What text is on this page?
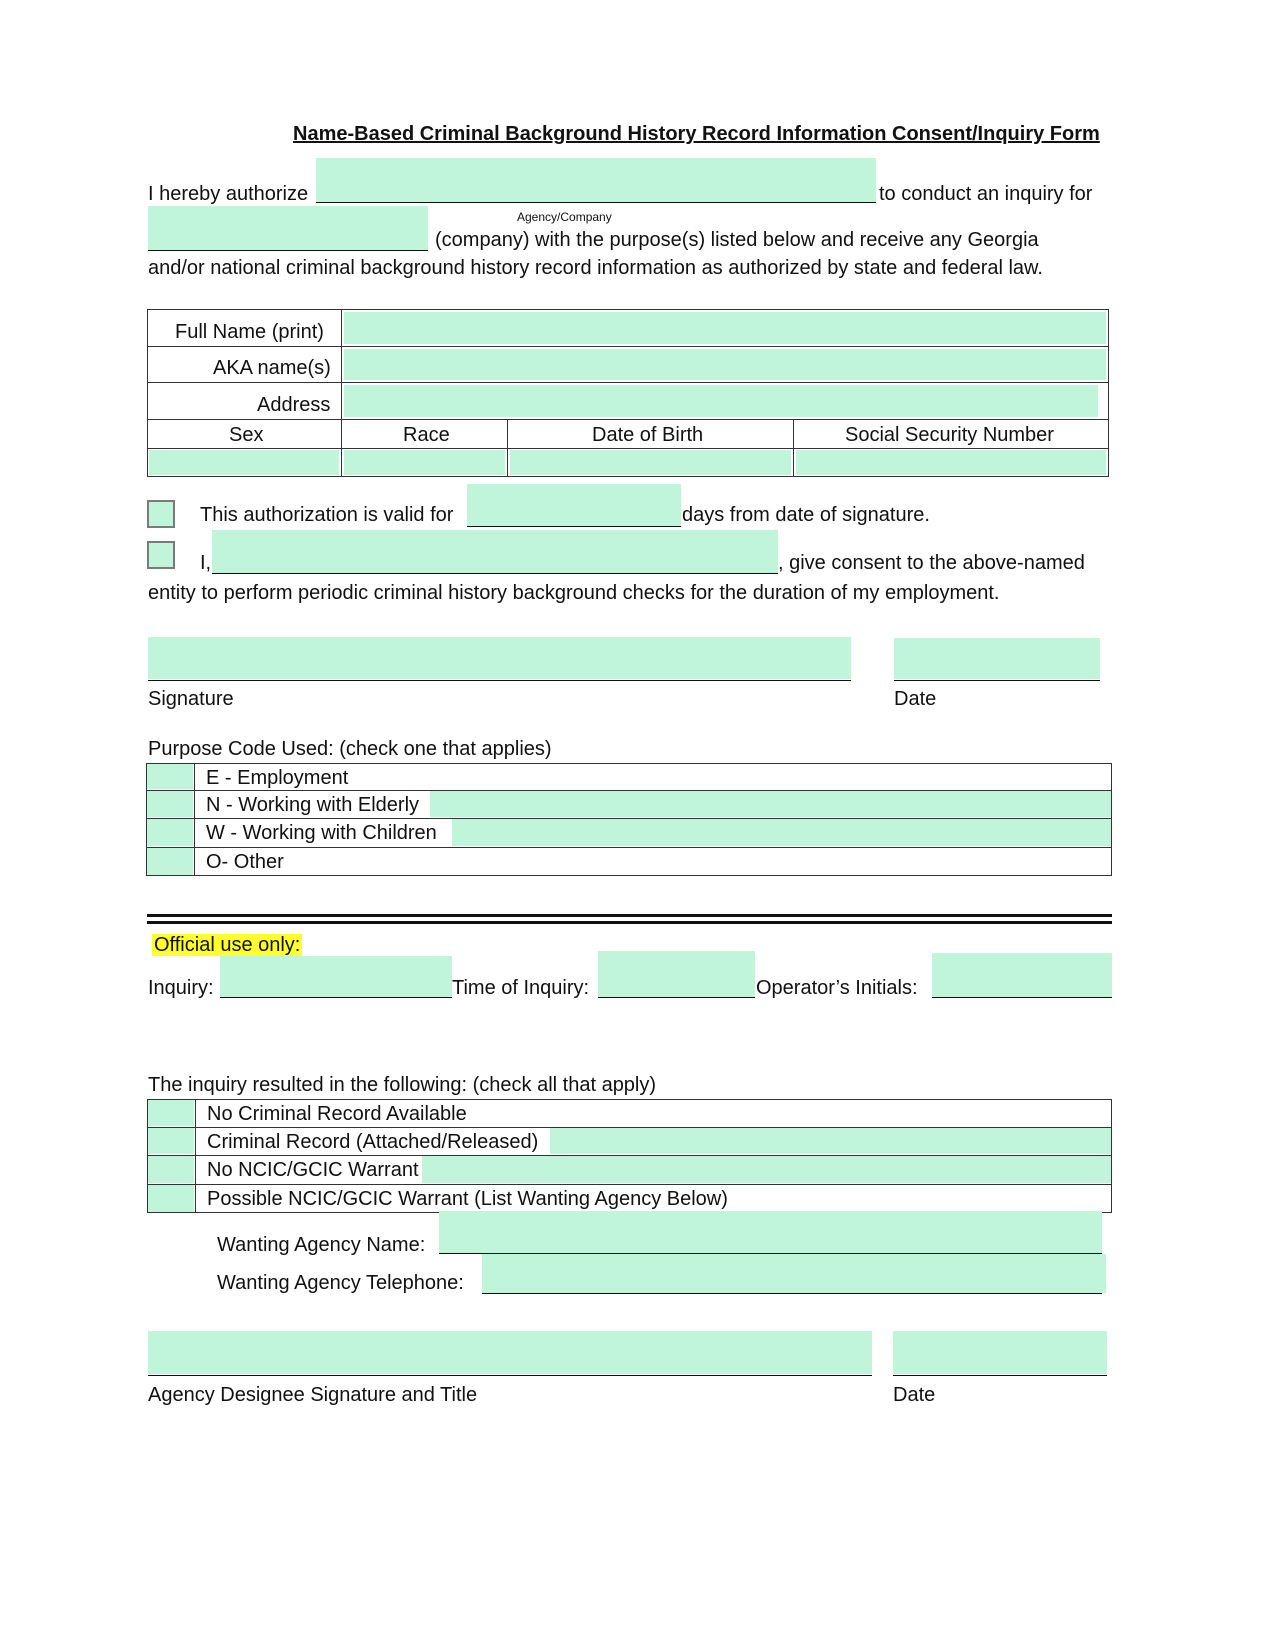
Name-Based Criminal Background History Record Information Consent/Inquiry Form
I hereby authorize	to conduct an inquiry for
Agency/Company
(company) with the purpose(s) listed below and receive any Georgia
and/or national criminal background history record information as authorized by state and federal law.
Full Name (print)
AKA name(s)
Address
Sex	Race	Date of Birth	Social Security Number
This authorization is valid for	days from date of signature.
I,	, give consent to the above-named
entity to perform periodic criminal history background checks for the duration of my employment.
Signature	Date
Purpose Code Used: (check one that applies)
E - Employment
N - Working with Elderly
W - Working with Children
O- Other
Official use only:
Inquiry:	Time of Inquiry:	Operator’s Initials:
The inquiry resulted in the following: (check all that apply)
No Criminal Record Available
Criminal Record (Attached/Released)
No NCIC/GCIC Warrant
Possible NCIC/GCIC Warrant (List Wanting Agency Below)
Wanting Agency Name:
Wanting Agency Telephone:
Agency Designee Signature and Title	Date
